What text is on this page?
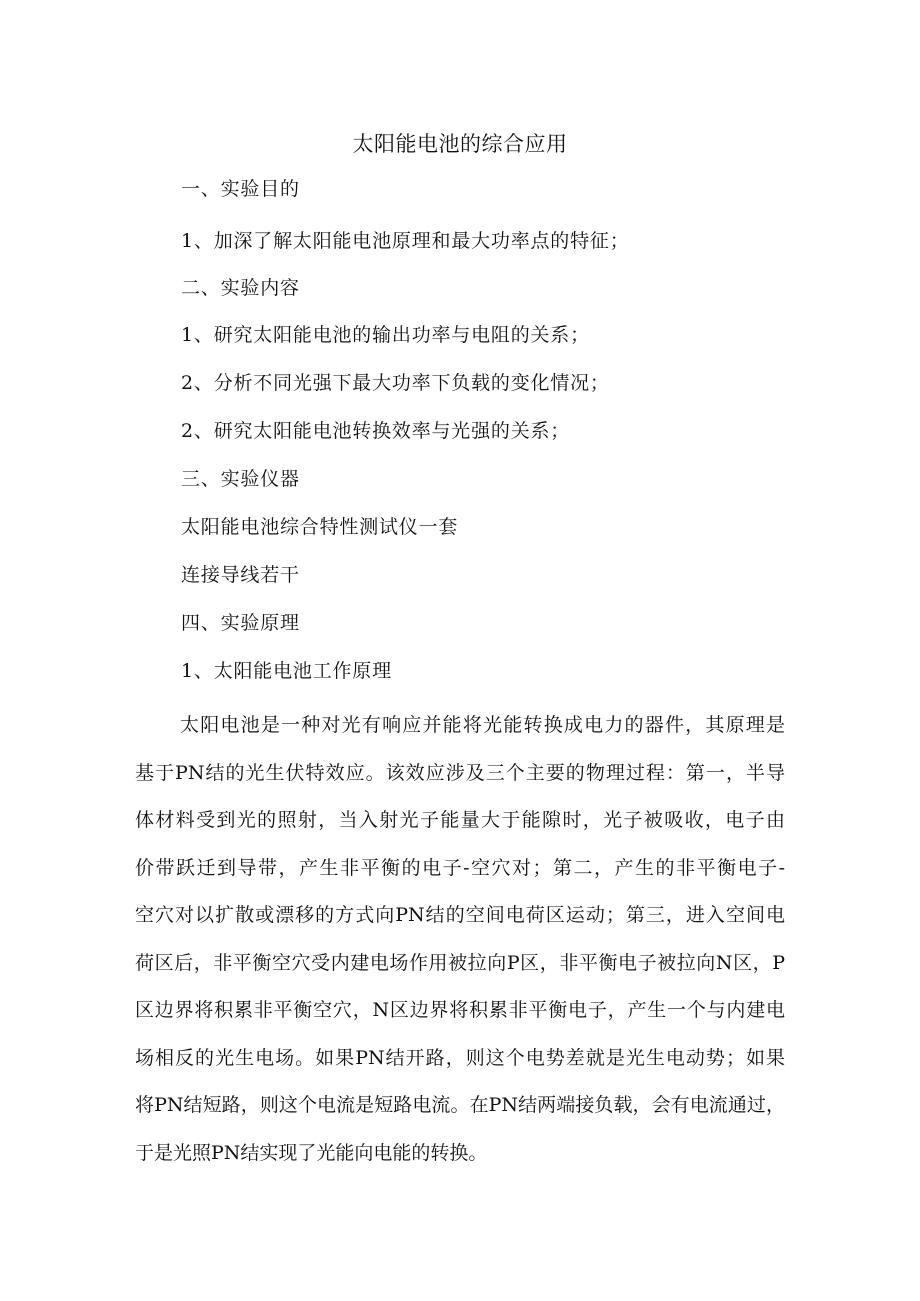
太阳能电池的综合应用
一、实验目的
1、加深了解太阳能电池原理和最大功率点的特征；
二、实验内容
1、研究太阳能电池的输出功率与电阻的关系；
2、分析不同光强下最大功率下负载的变化情况；
2、研究太阳能电池转换效率与光强的关系；
三、实验仪器
太阳能电池综合特性测试仪一套
连接导线若干
四、实验原理
1、太阳能电池工作原理
太阳电池是一种对光有响应并能将光能转换成电力的器件，其原理是
基于PN结的光生伏特效应。该效应涉及三个主要的物理过程：第一，半导
体材料受到光的照射，当入射光子能量大于能隙时，光子被吸收，电子由
价带跃迁到导带，产生非平衡的电子-空穴对；第二，产生的非平衡电子-
空穴对以扩散或漂移的方式向PN结的空间电荷区运动；第三，进入空间电
荷区后，非平衡空穴受内建电场作用被拉向P区，非平衡电子被拉向N区，P
区边界将积累非平衡空穴，N区边界将积累非平衡电子，产生一个与内建电
场相反的光生电场。如果PN结开路，则这个电势差就是光生电动势；如果
将PN结短路，则这个电流是短路电流。在PN结两端接负载，会有电流通过，
于是光照PN结实现了光能向电能的转换。
